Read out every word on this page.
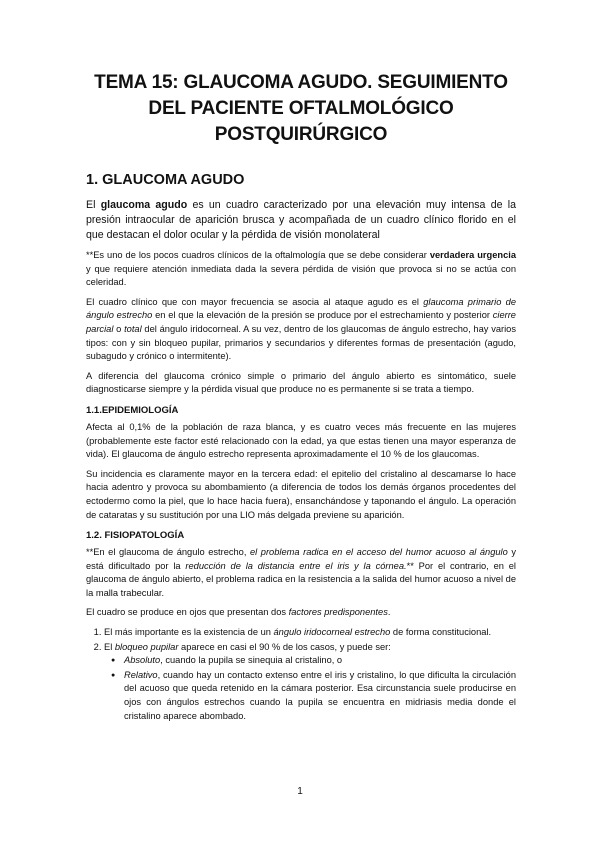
TEMA 15: GLAUCOMA AGUDO. SEGUIMIENTO
DEL PACIENTE OFTALMOLÓGICO
POSTQUIRÚRGICO
1. GLAUCOMA AGUDO
El glaucoma agudo es un cuadro caracterizado por una elevación muy intensa de la presión intraocular de aparición brusca y acompañada de un cuadro clínico florido en el que destacan el dolor ocular y la pérdida de visión monolateral

**Es uno de los pocos cuadros clínicos de la oftalmología que se debe considerar verdadera urgencia y que requiere atención inmediata dada la severa pérdida de visión que provoca si no se actúa con celeridad.

El cuadro clínico que con mayor frecuencia se asocia al ataque agudo es el glaucoma primario de ángulo estrecho en el que la elevación de la presión se produce por el estrechamiento y posterior cierre parcial o total del ángulo iridocorneal. A su vez, dentro de los glaucomas de ángulo estrecho, hay varios tipos: con y sin bloqueo pupilar, primarios y secundarios y diferentes formas de presentación (agudo, subagudo y crónico o intermitente).

A diferencia del glaucoma crónico simple o primario del ángulo abierto es sintomático, suele diagnosticarse siempre y la pérdida visual que produce no es permanente si se trata a tiempo.

1.1.EPIDEMIOLOGÍA

Afecta al 0,1% de la población de raza blanca, y es cuatro veces más frecuente en las mujeres (probablemente este factor esté relacionado con la edad, ya que estas tienen una mayor esperanza de vida). El glaucoma de ángulo estrecho representa aproximadamente el 10 % de los glaucomas.

Su incidencia es claramente mayor en la tercera edad: el epitelio del cristalino al descamarse lo hace hacia adentro y provoca su abombamiento (a diferencia de todos los demás órganos procedentes del ectodermo como la piel, que lo hace hacia fuera), ensanchándose y taponando el ángulo. La operación de cataratas y su sustitución por una LIO más delgada previene su aparición.

1.2. FISIOPATOLOGÍA

**En el glaucoma de ángulo estrecho, el problema radica en el acceso del humor acuoso al ángulo y está dificultado por la reducción de la distancia entre el iris y la córnea.** Por el contrario, en el glaucoma de ángulo abierto, el problema radica en la resistencia a la salida del humor acuoso a nivel de la malla trabecular.

El cuadro se produce en ojos que presentan dos factores predisponentes.

1. El más importante es la existencia de un ángulo iridocorneal estrecho de forma constitucional.
2. El bloqueo pupilar aparece en casi el 90 % de los casos, y puede ser:
● Absoluto, cuando la pupila se sinequia al cristalino, o
● Relativo, cuando hay un contacto extenso entre el iris y cristalino, lo que dificulta la circulación del acuoso que queda retenido en la cámara posterior. Esa circunstancia suele producirse en ojos con ángulos estrechos cuando la pupila se encuentra en midriasis media donde el cristalino aparece abombado.
1
